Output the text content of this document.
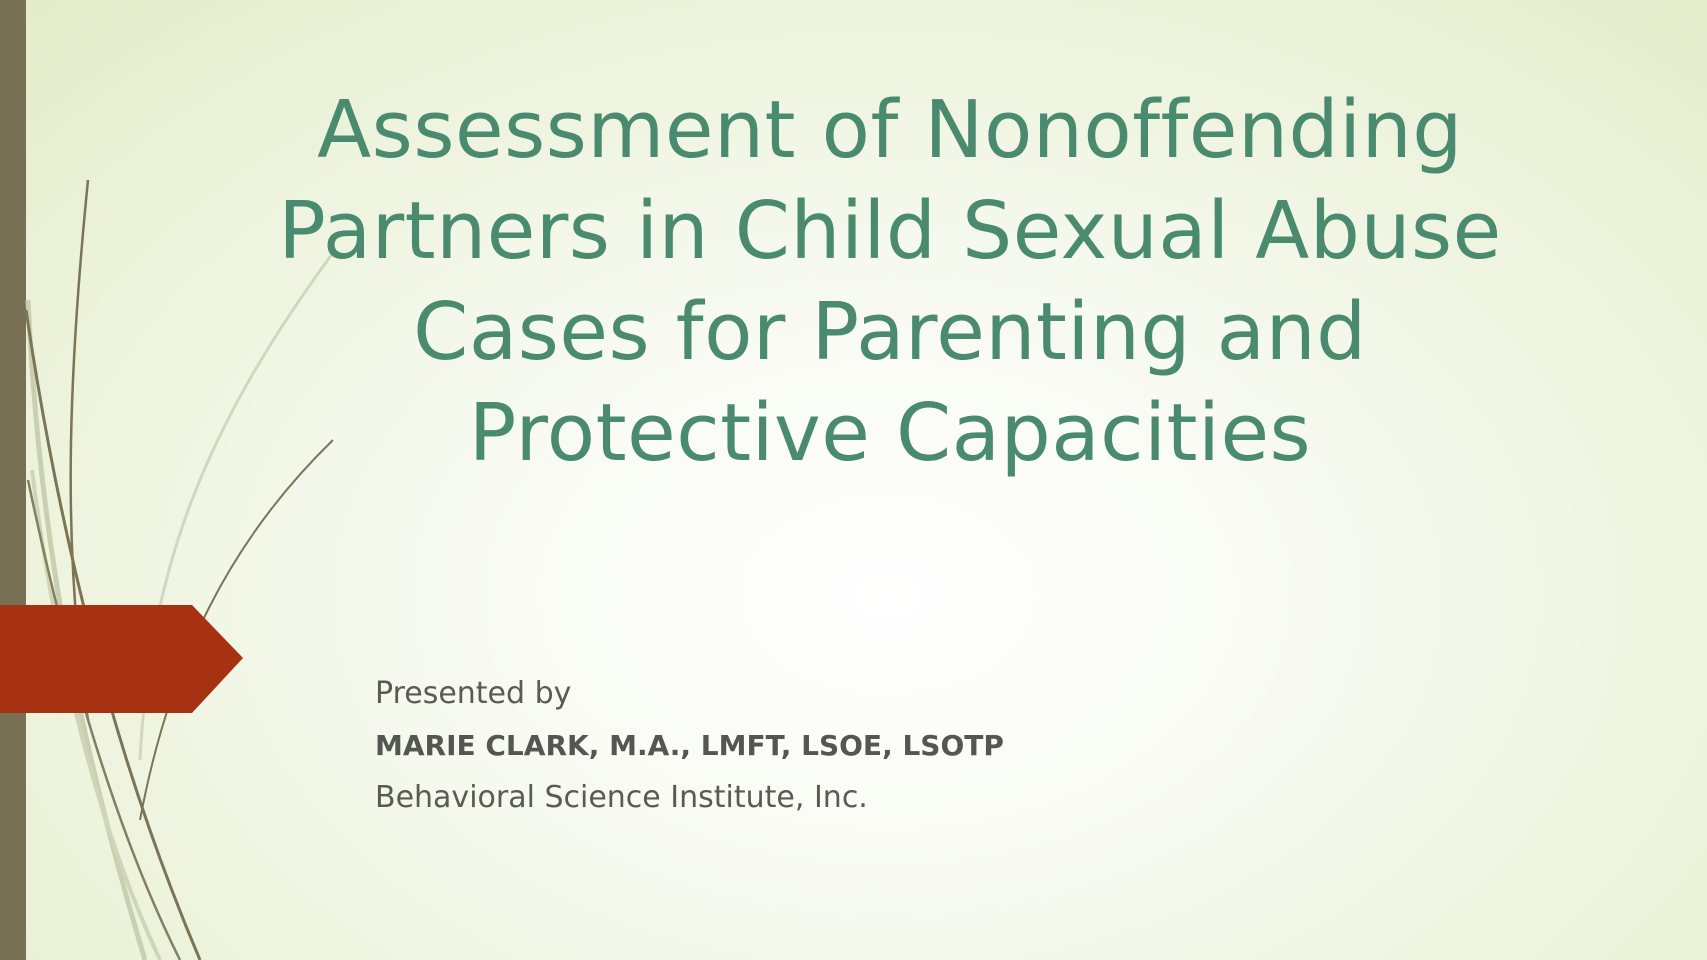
Assessment of Nonoffending
Partners in Child Sexual Abuse
Cases for Parenting and
Protective Capacities
Presented by
MARIE CLARK, M.A., LMFT, LSOE, LSOTP
Behavioral Science Institute, Inc.
